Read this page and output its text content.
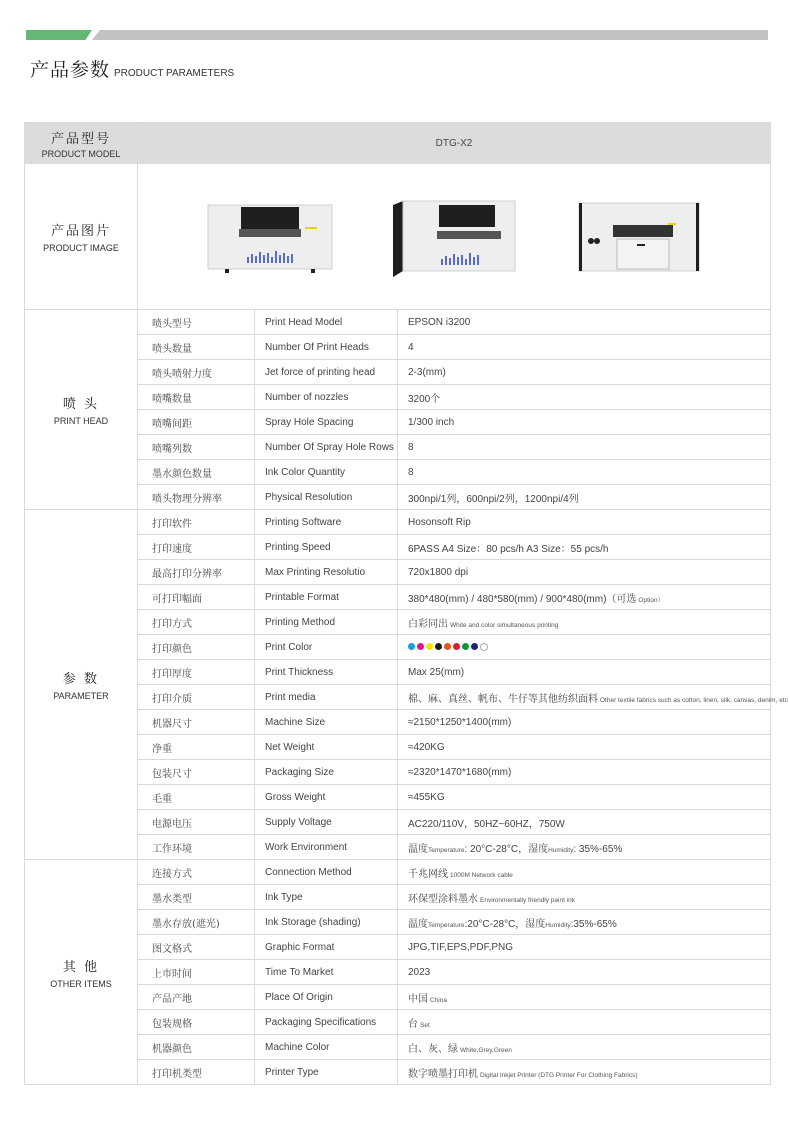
产品参数 PRODUCT PARAMETERS
产品型号
PRODUCT MODEL	DTG-X2		

产品图片
PRODUCT IMAGE

喷 头
PRINT HEAD	喷头型号	Print Head Model	EPSON i3200
	喷头数量	Number Of Print Heads	4
	喷头喷射力度	Jet force of printing head	2-3(mm)
	喷嘴数量	Number of nozzles	3200个
	喷嘴间距	Spray Hole Spacing	1/300 inch
	喷嘴列数	Number Of Spray Hole Rows	8
	墨水颜色数量	Ink Color Quantity	8
	喷头物理分辨率	Physical Resolution	300npi/1列，600npi/2列，1200npi/4列

参 数
PARAMETER	打印软件	Printing Software	Hosonsoft Rip
	打印速度	Printing Speed	6PASS A4 Size：80 pcs/h A3 Size：55 pcs/h
	最高打印分辨率	Max Printing Resolutio	720x1800 dpi
	可打印幅面	Printable Format	380*480(mm) / 480*580(mm) / 900*480(mm)（可选 Option）
	打印方式	Printing Method	白彩同出 White and color simultaneous printing
	打印颜色	Print Color	

	打印厚度	Print Thickness	Max 25(mm)
	打印介质	Print media	棉、麻、真丝、帆布、牛仔等其他纺织面料 Other textile fabrics such as cotton, linen, silk, canvas, denim, etc
	机器尺寸	Machine Size	≈2150*1250*1400(mm)
	净重	Net Weight	≈420KG
	包装尺寸	Packaging Size	≈2320*1470*1680(mm)
	毛重	Gross Weight	≈455KG
	电源电压	Supply Voltage	AC220/110V，50HZ~60HZ，750W
	工作环境	Work Environment	温度Temperature: 20°C-28°C，湿度Humidity: 35%-65%

其 他
OTHER ITEMS	连接方式	Connection Method	千兆网线 1000M Network cable
	墨水类型	Ink Type	环保型涂料墨水 Environmentally friendly paint ink
	墨水存放(遮光)	Ink Storage (shading)	温度Temperature:20°C-28°C，湿度Humidity:35%-65%
	图文格式	Graphic Format	JPG,TIF,EPS,PDF,PNG
	上市时间	Time To Market	2023
	产品产地	Place Of Origin	中国 China
	包装规格	Packaging Specifications	台 Set
	机器颜色	Machine Color	白、灰、绿 White,Grey,Green
	打印机类型	Printer Type	数字喷墨打印机 Digital Inkjet Printer (DTG Printer For Clothing Fabrics)
